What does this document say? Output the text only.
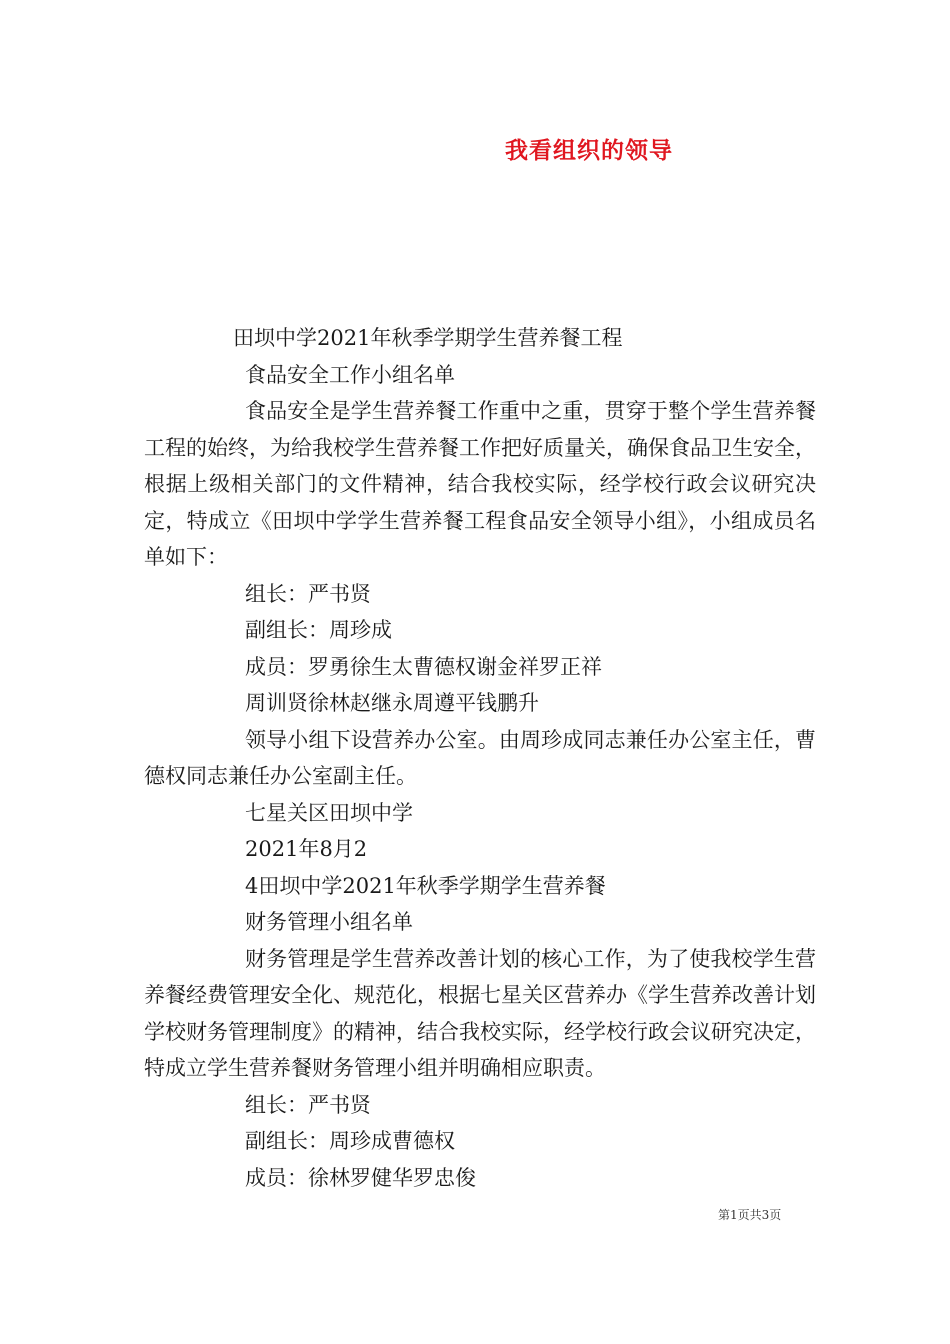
我看组织的领导
田坝中学2021年秋季学期学生营养餐工程
食品安全工作小组名单
食品安全是学生营养餐工作重中之重，贯穿于整个学生营养餐工程的始终，为给我校学生营养餐工作把好质量关，确保食品卫生安全，根据上级相关部门的文件精神，结合我校实际，经学校行政会议研究决定，特成立《田坝中学学生营养餐工程食品安全领导小组》，小组成员名单如下：
组长：严书贤
副组长：周珍成
成员：罗勇徐生太曹德权谢金祥罗正祥
周训贤徐林赵继永周遵平钱鹏升
领导小组下设营养办公室。由周珍成同志兼任办公室主任，曹德权同志兼任办公室副主任。
七星关区田坝中学
2021年8月2
4田坝中学2021年秋季学期学生营养餐
财务管理小组名单
财务管理是学生营养改善计划的核心工作，为了使我校学生营养餐经费管理安全化、规范化，根据七星关区营养办《学生营养改善计划学校财务管理制度》的精神，结合我校实际，经学校行政会议研究决定，特成立学生营养餐财务管理小组并明确相应职责。
组长：严书贤
副组长：周珍成曹德权
成员：徐林罗健华罗忠俊
第1页共3页
